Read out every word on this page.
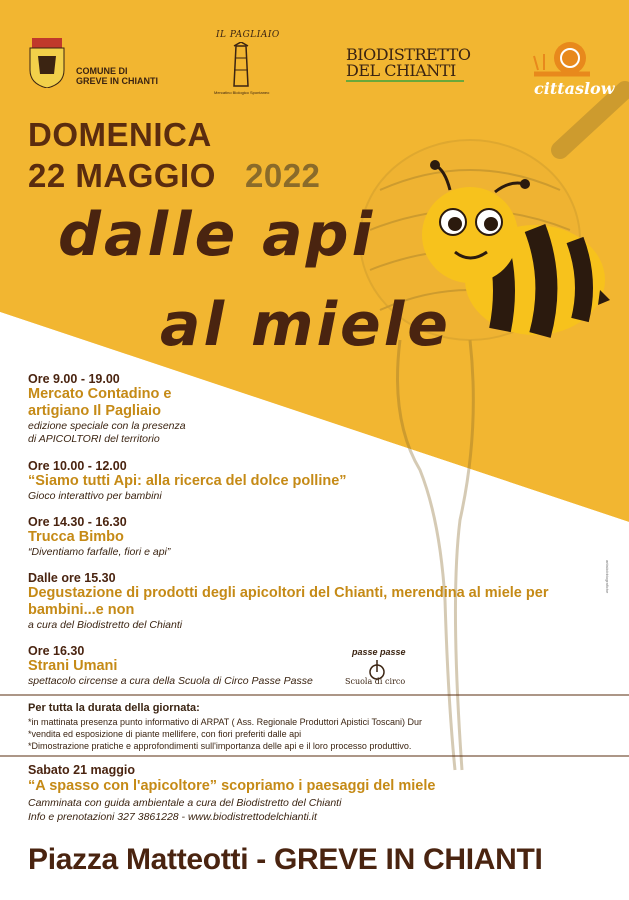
COMUNE DI
GREVE IN CHIANTI
IL PAGLIAIO
Mercatino Biologico Spontaneo
BIODISTRETTO
DEL CHIANTI
cittaslow
DOMENICA
22 MAGGIO 2022
dalle api
al miele
Ore 9.00 - 19.00
Mercato Contadino e
artigiano Il Pagliaio
edizione speciale con la presenza
di APICOLTORI del territorio
Ore 10.00 - 12.00
“Siamo tutti Api: alla ricerca del dolce polline”
Gioco interattivo per bambini
Ore 14.30 - 16.30
Trucca Bimbo
“Diventiamo farfalle, fiori e api”
Dalle ore 15.30
Degustazione di prodotti degli apicoltori del Chianti, merendina al miele per
bambini...e non
a cura del Biodistretto del Chianti
Ore 16.30
Strani Umani
spettacolo circense a cura della Scuola di Circo Passe Passe
passe passe
Scuola di circo
Per tutta la durata della giornata:
*in mattinata presenza punto informativo di ARPAT ( Ass. Regionale Produttori Apistici Toscani) Dur
*vendita ed esposizione di piante mellifere, con fiori preferiti dalle api
*Dimostrazione pratiche e approfondimenti sull'importanza delle api e il loro processo produttivo.
Sabato 21 maggio
“A spasso con l'apicoltore” scopriamo i paesaggi del miele
Camminata con guida ambientale a cura del Biodistretto del Chianti
Info e prenotazioni 327 3861228 - www.biodistrettodelchianti.it
Piazza Matteotti - GREVE IN CHIANTI
artisticbbiografiche
